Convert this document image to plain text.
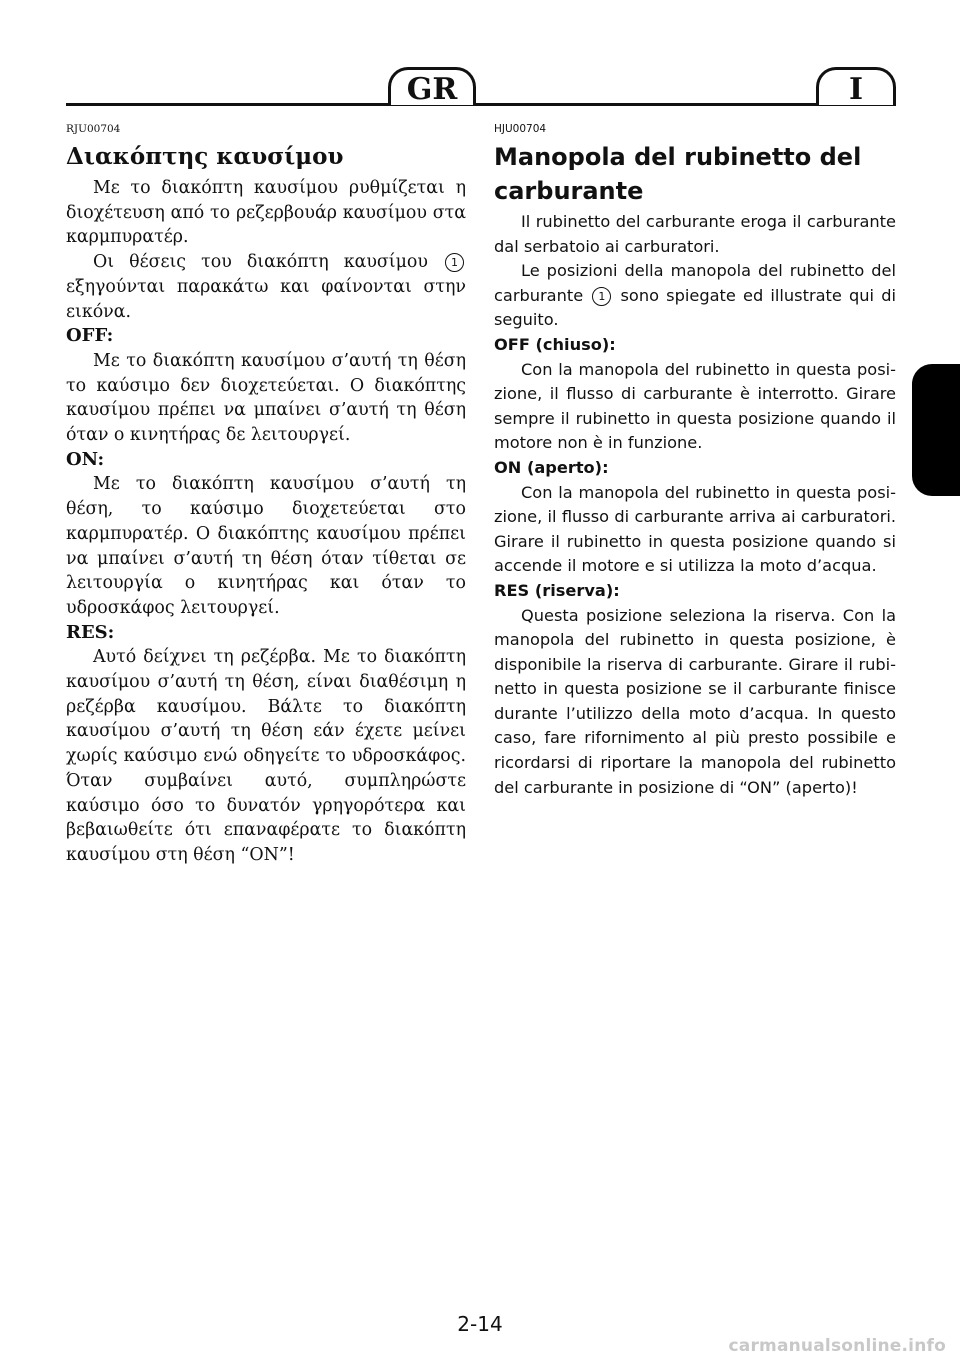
GR	I

RJU00704

Διακόπτης καυσίμου

Με το διακόπτη καυσίμου ρυθμίζεται η διοχέτευση από το ρεζερβουάρ καυσίμου στα καρμπυρατέρ.

Οι θέσεις του διακόπτη καυσίμου 1 εξηγούνται παρακάτω και φαίνονται στην εικόνα.

OFF:

Με το διακόπτη καυσίμου σ’αυτή τη θέση το καύσιμο δεν διοχετεύεται. Ο διακόπτης καυσίμου πρέπει να μπαίνει σ’αυτή τη θέση όταν ο κινητήρας δε λειτουργεί.

ON:

Με το διακόπτη καυσίμου σ’αυτή τη θέση, το καύσιμο διοχετεύεται στο καρμπυρατέρ. Ο διακόπτης καυσίμου πρέπει να μπαίνει σ’αυτή τη θέση όταν τίθεται σε λειτουργία ο κινητήρας και όταν το υδροσκάφος λειτουργεί.

RES:

Αυτό δείχνει τη ρεζέρβα. Με το διακόπτη καυσίμου σ’αυτή τη θέση, είναι διαθέσιμη η ρεζέρβα καυσίμου. Βάλτε το διακόπτη καυσίμου σ’αυτή τη θέση εάν έχετε μείνει χωρίς καύσιμο ενώ οδηγείτε το υδροσκάφος. Όταν συμβαίνει αυτό, συμπληρώστε καύσιμο όσο το δυνατόν γρηγορότερα και βεβαιωθείτε ότι επαναφέρατε το διακόπτη καυσίμου στη θέση “ON”!

HJU00704

Manopola del rubinetto del carburante

Il rubinetto del carburante eroga il carburante dal serbatoio ai carburatori.

Le posizioni della manopola del rubinetto del carburante 1 sono spiegate ed illustrate qui di seguito.

OFF (chiuso):

Con la manopola del rubinetto in questa posi-zione, il flusso di carburante è interrotto. Girare sempre il rubinetto in questa posizione quando il motore non è in funzione.

ON (aperto):

Con la manopola del rubinetto in questa posi-zione, il flusso di carburante arriva ai carburatori. Girare il rubinetto in questa posizione quando si accende il motore e si utilizza la moto d’acqua.

RES (riserva):

Questa posizione seleziona la riserva. Con la manopola del rubinetto in questa posizione, è disponibile la riserva di carburante. Girare il rubi-netto in questa posizione se il carburante finisce durante l’utilizzo della moto d’acqua. In questo caso, fare rifornimento al più presto possibile e ricordarsi di riportare la manopola del rubinetto del carburante in posizione di “ON” (aperto)!

2-14
carmanualsonline.info
